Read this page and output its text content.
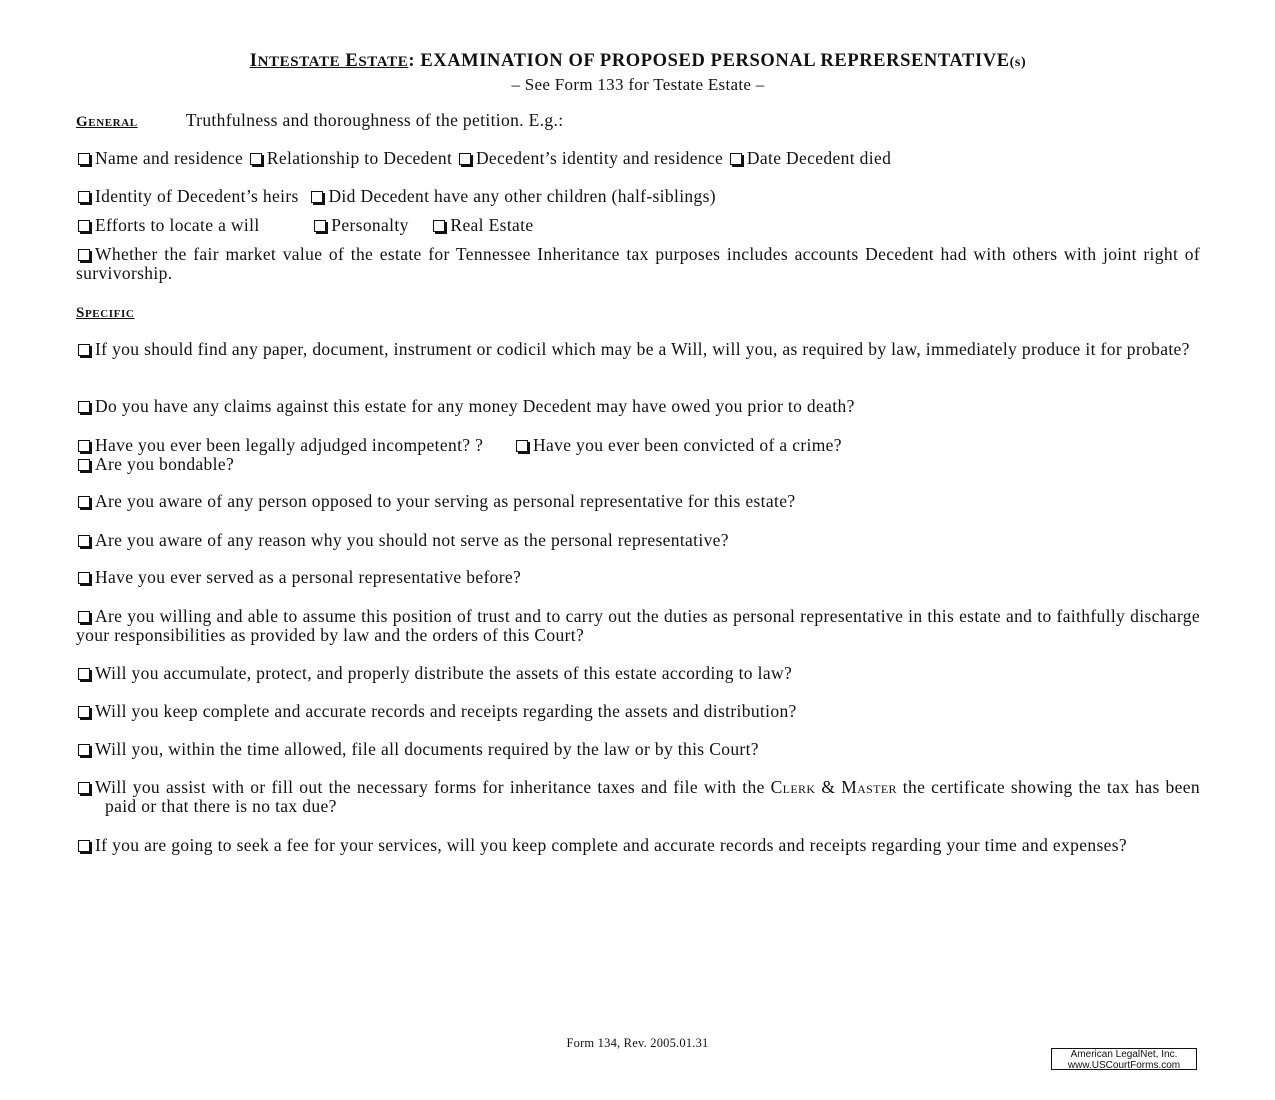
INTESTATE ESTATE: EXAMINATION OF PROPOSED PERSONAL REPRERSENTATIVE(s)
– See Form 133 for Testate Estate –
General	Truthfulness and thoroughness of the petition. E.g.:
Name and residence Relationship to Decedent Decedent’s identity and residence Date Decedent died
Identity of Decedent’s heirs Did Decedent have any other children (half-siblings)
Efforts to locate a will	Personalty Real Estate
Whether the fair market value of the estate for Tennessee Inheritance tax purposes includes accounts Decedent had with others with joint right of survivorship.
Specific
If you should find any paper, document, instrument or codicil which may be a Will, will you, as required by law, immediately produce it for probate?
Do you have any claims against this estate for any money Decedent may have owed you prior to death?
Have you ever been legally adjudged incompetent? ?	Have you ever been convicted of a crime?
Are you bondable?
Are you aware of any person opposed to your serving as personal representative for this estate?
Are you aware of any reason why you should not serve as the personal representative?
Have you ever served as a personal representative before?
Are you willing and able to assume this position of trust and to carry out the duties as personal representative in this estate and to faithfully discharge your responsibilities as provided by law and the orders of this Court?
Will you accumulate, protect, and properly distribute the assets of this estate according to law?
Will you keep complete and accurate records and receipts regarding the assets and distribution?
Will you, within the time allowed, file all documents required by the law or by this Court?
Will you assist with or fill out the necessary forms for inheritance taxes and file with the Clerk & Master the certificate showing the tax has been paid or that there is no tax due?
If you are going to seek a fee for your services, will you keep complete and accurate records and receipts regarding your time and expenses?
Form 134, Rev. 2005.01.31
American LegalNet, Inc.
www.USCourtForms.com
